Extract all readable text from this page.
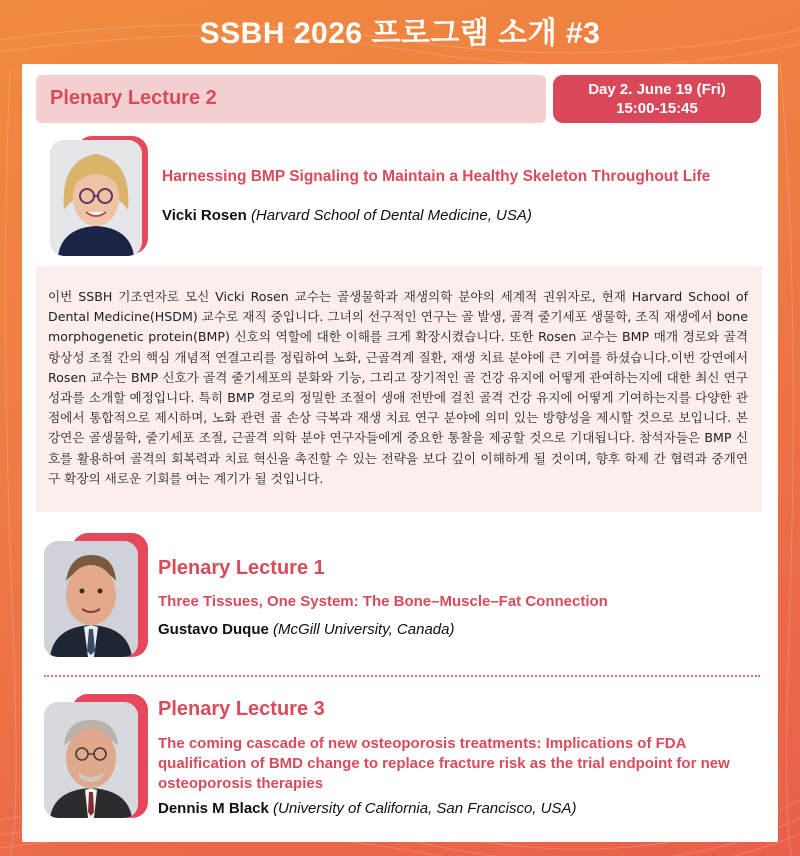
SSBH 2026 프로그램 소개 #3
Plenary Lecture 2	Day 2. June 19 (Fri)
15:00-15:45
Harnessing BMP Signaling to Maintain a Healthy Skeleton Throughout Life
Vicki Rosen (Harvard School of Dental Medicine, USA)
이번 SSBH 기조연자로 모신 Vicki Rosen 교수는 골생물학과 재생의학 분야의 세계적 권위자로, 현재 Harvard School of Dental Medicine(HSDM) 교수로 재직 중입니다. 그녀의 선구적인 연구는 골 발생, 골격 줄기세포 생물학, 조직 재생에서 bone morphogenetic protein(BMP) 신호의 역할에 대한 이해를 크게 확장시켰습니다. 또한 Rosen 교수는 BMP 매개 경로와 골격 항상성 조절 간의 핵심 개념적 연결고리를 정립하여 노화, 근골격계 질환, 재생 치료 분야에 큰 기여를 하셨습니다.이번 강연에서 Rosen 교수는 BMP 신호가 골격 줄기세포의 분화와 기능, 그리고 장기적인 골 건강 유지에 어떻게 관여하는지에 대한 최신 연구 성과를 소개할 예정입니다. 특히 BMP 경로의 정밀한 조절이 생애 전반에 걸친 골격 건강 유지에 어떻게 기여하는지를 다양한 관점에서 통합적으로 제시하며, 노화 관련 골 손상 극복과 재생 치료 연구 분야에 의미 있는 방향성을 제시할 것으로 보입니다. 본 강연은 골생물학, 줄기세포 조절, 근골격 의학 분야 연구자들에게 중요한 통찰을 제공할 것으로 기대됩니다. 참석자들은 BMP 신호를 활용하여 골격의 회복력과 치료 혁신을 촉진할 수 있는 전략을 보다 깊이 이해하게 될 것이며, 향후 학제 간 협력과 중개연구 확장의 새로운 기회를 여는 계기가 될 것입니다.
Plenary Lecture 1
Three Tissues, One System: The Bone–Muscle–Fat Connection
Gustavo Duque (McGill University, Canada)
Plenary Lecture 3
The coming cascade of new osteoporosis treatments: Implications of FDA qualification of BMD change to replace fracture risk as the trial endpoint for new osteoporosis therapies
Dennis M Black (University of California, San Francisco, USA)
